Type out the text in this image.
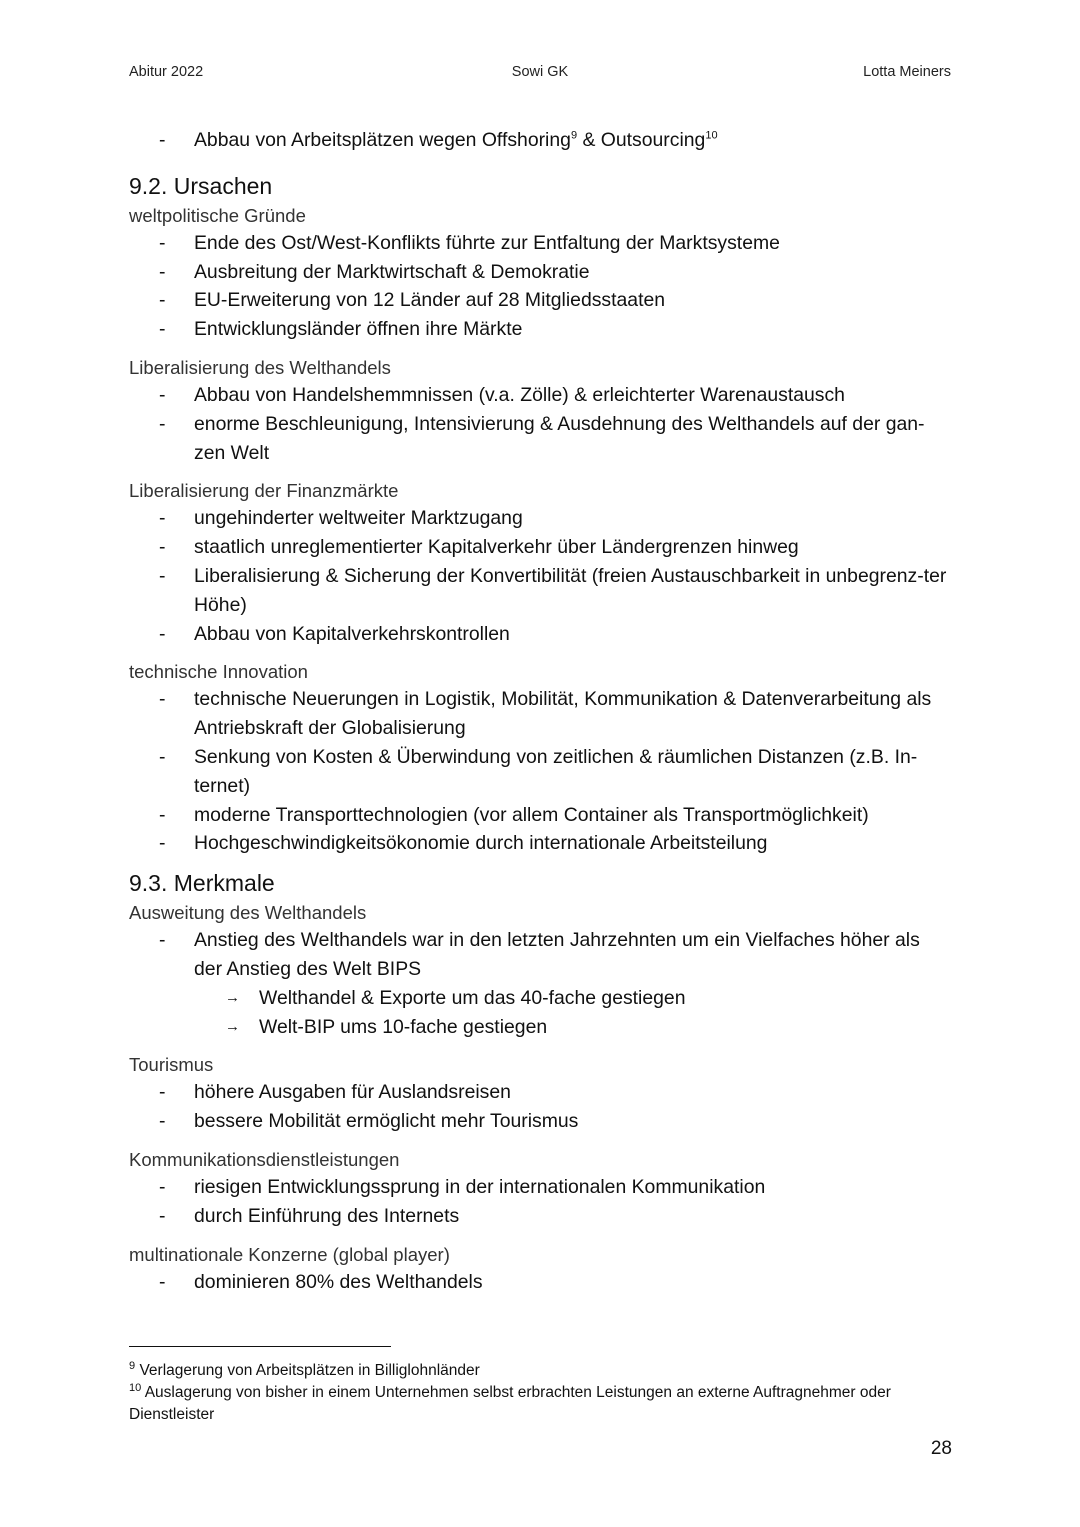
Abitur 2022	Sowi GK	Lotta Meiners
- Abbau von Arbeitsplätzen wegen Offshoring$^9$ & Outsourcing$^{10}$
9.2. Ursachen

weltpolitische Gründe

- Ende des Ost/West-Konflikts führte zur Entfaltung der Marktsysteme
- Ausbreitung der Marktwirtschaft & Demokratie
- EU-Erweiterung von 12 Länder auf 28 Mitgliedsstaaten
- Entwicklungsländer öffnen ihre Märkte

Liberalisierung des Welthandels

- Abbau von Handelshemmnissen (v.a. Zölle) & erleichterter Warenaustausch
- enorme Beschleunigung, Intensivierung & Ausdehnung des Welthandels auf der gan-zen Welt

Liberalisierung der Finanzmärkte

- ungehinderter weltweiter Marktzugang
- staatlich unreglementierter Kapitalverkehr über Ländergrenzen hinweg
- Liberalisierung & Sicherung der Konvertibilität (freien Austauschbarkeit in unbegrenz-ter Höhe)
- Abbau von Kapitalverkehrskontrollen

technische Innovation

- technische Neuerungen in Logistik, Mobilität, Kommunikation & Datenverarbeitung als Antriebskraft der Globalisierung
- Senkung von Kosten & Überwindung von zeitlichen & räumlichen Distanzen (z.B. In-ternet)
- moderne Transporttechnologien (vor allem Container als Transportmöglichkeit)
- Hochgeschwindigkeitsökonomie durch internationale Arbeitsteilung
9.3. Merkmale

Ausweitung des Welthandels

- Anstieg des Welthandels war in den letzten Jahrzehnten um ein Vielfaches höher als der Anstieg des Welt BIPS
→ Welthandel & Exporte um das 40-fache gestiegen
→ Welt-BIP ums 10-fache gestiegen

Tourismus

- höhere Ausgaben für Auslandsreisen
- bessere Mobilität ermöglicht mehr Tourismus

Kommunikationsdienstleistungen

- riesigen Entwicklungssprung in der internationalen Kommunikation
- durch Einführung des Internets

multinationale Konzerne (global player)

- dominieren 80% des Welthandels

$^9$ Verlagerung von Arbeitsplätzen in Billiglohnländer

$^{10}$ Auslagerung von bisher in einem Unternehmen selbst erbrachten Leistungen an externe Auftragnehmer oder Dienstleister

28
